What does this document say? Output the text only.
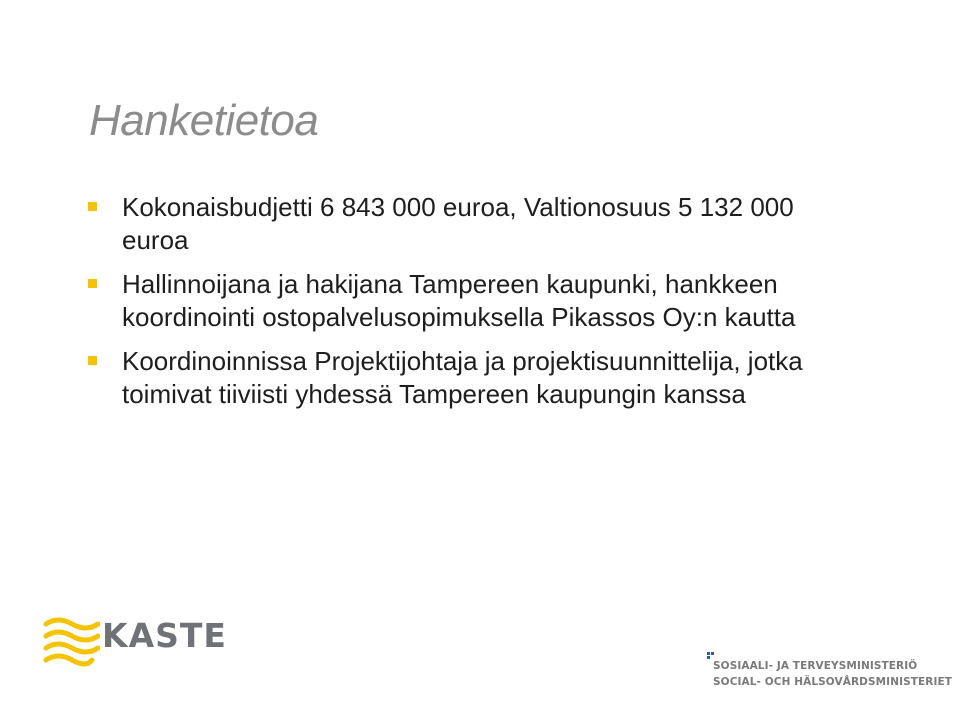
Hanketietoa
Kokonaisbudjetti 6 843 000 euroa, Valtionosuus 5 132 000 euroa
Hallinnoijana ja hakijana Tampereen kaupunki, hankkeen koordinointi ostopalvelusopimuksella Pikassos Oy:n kautta
Koordinoinnissa Projektijohtaja ja projektisuunnittelija, jotka toimivat tiiviisti yhdessä Tampereen kaupungin kanssa
KASTE
SOSIAALI- JA TERVEYSMINISTERIÖ
SOCIAL- OCH HÄLSOVÅRDSMINISTERIET
